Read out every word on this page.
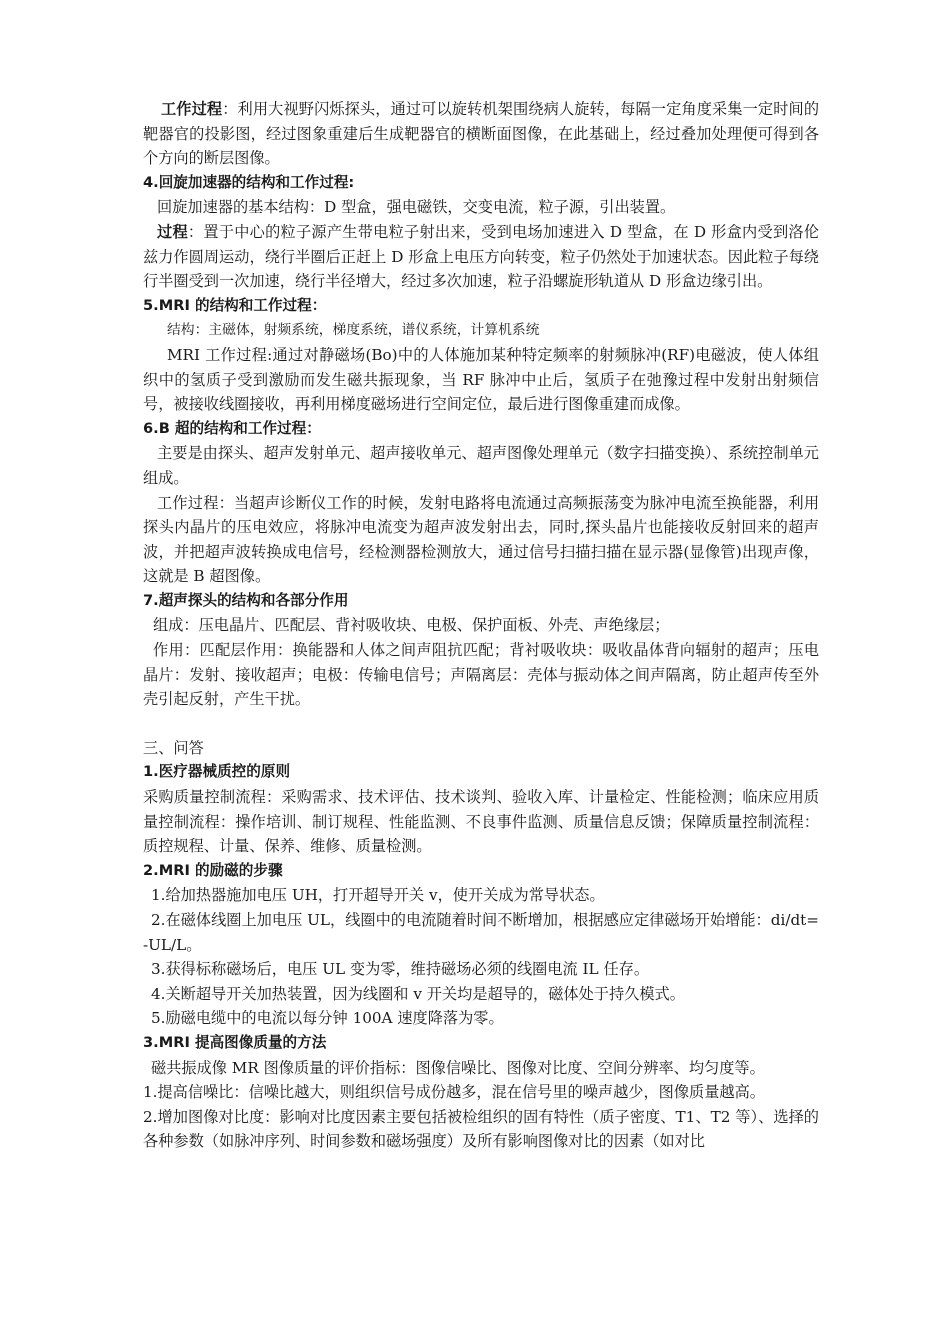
工作过程：利用大视野闪烁探头，通过可以旋转机架围绕病人旋转，每隔一定角度采集一定时间的靶器官的投影图，经过图象重建后生成靶器官的横断面图像，在此基础上，经过叠加处理便可得到各个方向的断层图像。

4.回旋加速器的结构和工作过程:

回旋加速器的基本结构：D 型盒，强电磁铁，交变电流，粒子源，引出装置。

过程：置于中心的粒子源产生带电粒子射出来，受到电场加速进入 D 型盒，在 D 形盒内受到洛伦兹力作圆周运动，绕行半圈后正赶上 D 形盒上电压方向转变，粒子仍然处于加速状态。因此粒子每绕行半圈受到一次加速，绕行半径增大，经过多次加速，粒子沿螺旋形轨道从 D 形盒边缘引出。

5.MRI 的结构和工作过程：

结构：主磁体，射频系统，梯度系统，谱仪系统，计算机系统

MRI 工作过程:通过对静磁场(Bo)中的人体施加某种特定频率的射频脉冲(RF)电磁波，使人体组织中的氢质子受到激励而发生磁共振现象，当 RF 脉冲中止后，氢质子在弛豫过程中发射出射频信号，被接收线圈接收，再利用梯度磁场进行空间定位，最后进行图像重建而成像。

6.B 超的结构和工作过程：

主要是由探头、超声发射单元、超声接收单元、超声图像处理单元（数字扫描变换）、系统控制单元组成。

工作过程：当超声诊断仪工作的时候，发射电路将电流通过高频振荡变为脉冲电流至换能器，利用探头内晶片的压电效应，将脉冲电流变为超声波发射出去，同时,探头晶片也能接收反射回来的超声波，并把超声波转换成电信号，经检测器检测放大，通过信号扫描扫描在显示器(显像管)出现声像，这就是 B 超图像。

7.超声探头的结构和各部分作用

组成：压电晶片、匹配层、背衬吸收块、电极、保护面板、外壳、声绝缘层；

作用：匹配层作用：换能器和人体之间声阻抗匹配；背衬吸收块：吸收晶体背向辐射的超声；压电晶片：发射、接收超声；电极：传输电信号；声隔离层：壳体与振动体之间声隔离，防止超声传至外壳引起反射，产生干扰。

三、问答

1.医疗器械质控的原则

采购质量控制流程：采购需求、技术评估、技术谈判、验收入库、计量检定、性能检测；临床应用质量控制流程：操作培训、制订规程、性能监测、不良事件监测、质量信息反馈；保障质量控制流程：质控规程、计量、保养、维修、质量检测。

2.MRI 的励磁的步骤

1.给加热器施加电压 UH，打开超导开关 v，使开关成为常导状态。

2.在磁体线圈上加电压 UL，线圈中的电流随着时间不断增加，根据感应定律磁场开始增能：di/dt=-UL/L。

3.获得标称磁场后，电压 UL 变为零，维持磁场必须的线圈电流 IL 任存。

4.关断超导开关加热装置，因为线圈和 v 开关均是超导的，磁体处于持久模式。

5.励磁电缆中的电流以每分钟 100A 速度降落为零。

3.MRI 提高图像质量的方法

磁共振成像 MR 图像质量的评价指标：图像信噪比、图像对比度、空间分辨率、均匀度等。

1.提高信噪比：信噪比越大，则组织信号成份越多，混在信号里的噪声越少，图像质量越高。

2.增加图像对比度：影响对比度因素主要包括被检组织的固有特性（质子密度、T1、T2 等）、选择的各种参数（如脉冲序列、时间参数和磁场强度）及所有影响图像对比的因素（如对比
